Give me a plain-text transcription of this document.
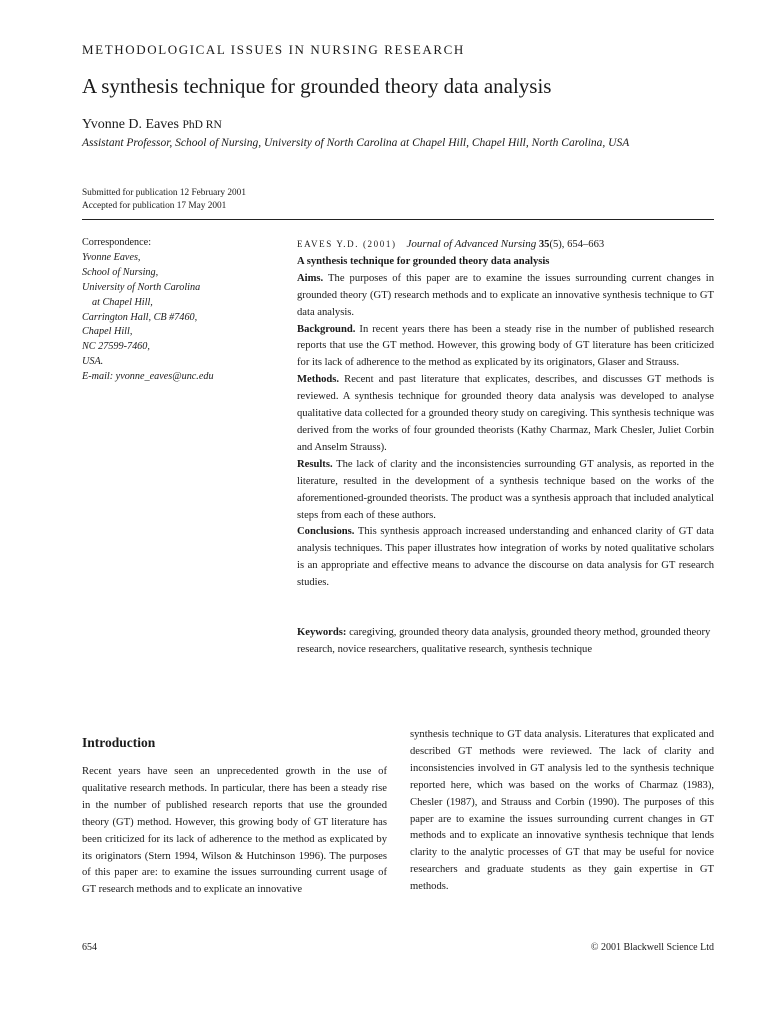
METHODOLOGICAL ISSUES IN NURSING RESEARCH
A synthesis technique for grounded theory data analysis
Yvonne D. Eaves PhD RN
Assistant Professor, School of Nursing, University of North Carolina at Chapel Hill, Chapel Hill, North Carolina, USA
Submitted for publication 12 February 2001
Accepted for publication 17 May 2001
Correspondence:
Yvonne Eaves,
School of Nursing,
University of North Carolina
at Chapel Hill,
Carrington Hall, CB #7460,
Chapel Hill,
NC 27599-7460,
USA.
E-mail: yvonne_eaves@unc.edu

EAVES Y.D. (2001) Journal of Advanced Nursing 35(5), 654–663

A synthesis technique for grounded theory data analysis

Aims. The purposes of this paper are to examine the issues surrounding current changes in grounded theory (GT) research methods and to explicate an innovative synthesis technique to GT data analysis.

Background. In recent years there has been a steady rise in the number of published research reports that use the GT method. However, this growing body of GT literature has been criticized for its lack of adherence to the method as explicated by its originators, Glaser and Strauss.

Methods. Recent and past literature that explicates, describes, and discusses GT methods is reviewed. A synthesis technique for grounded theory data analysis was developed to analyse qualitative data collected for a grounded theory study on caregiving. This synthesis technique was derived from the works of four grounded theorists (Kathy Charmaz, Mark Chesler, Juliet Corbin and Anselm Strauss).

Results. The lack of clarity and the inconsistencies surrounding GT analysis, as reported in the literature, resulted in the development of a synthesis technique based on the works of the aforementioned-grounded theorists. The product was a synthesis approach that included analytical steps from each of these authors.

Conclusions. This synthesis approach increased understanding and enhanced clarity of GT data analysis techniques. This paper illustrates how integration of works by noted qualitative scholars is an appropriate and effective means to advance the discourse on data analysis for GT research studies.

Keywords: caregiving, grounded theory data analysis, grounded theory method, grounded theory research, novice researchers, qualitative research, synthesis technique
Introduction

Recent years have seen an unprecedented growth in the use of qualitative research methods. In particular, there has been a steady rise in the number of published research reports that use the grounded theory (GT) method. However, this growing body of GT literature has been criticized for its lack of adherence to the method as explicated by its originators (Stern 1994, Wilson & Hutchinson 1996). The purposes of this paper are: to examine the issues surrounding current usage of GT research methods and to explicate an innovative

synthesis technique to GT data analysis. Literatures that explicated and described GT methods were reviewed. The lack of clarity and inconsistencies involved in GT analysis led to the synthesis technique reported here, which was based on the works of Charmaz (1983), Chesler (1987), and Strauss and Corbin (1990). The purposes of this paper are to examine the issues surrounding current changes in GT methods and to explicate an innovative synthesis technique that lends clarity to the analytic processes of GT that may be useful for novice researchers and graduate students as they gain expertise in GT methods.

654	© 2001 Blackwell Science Ltd
